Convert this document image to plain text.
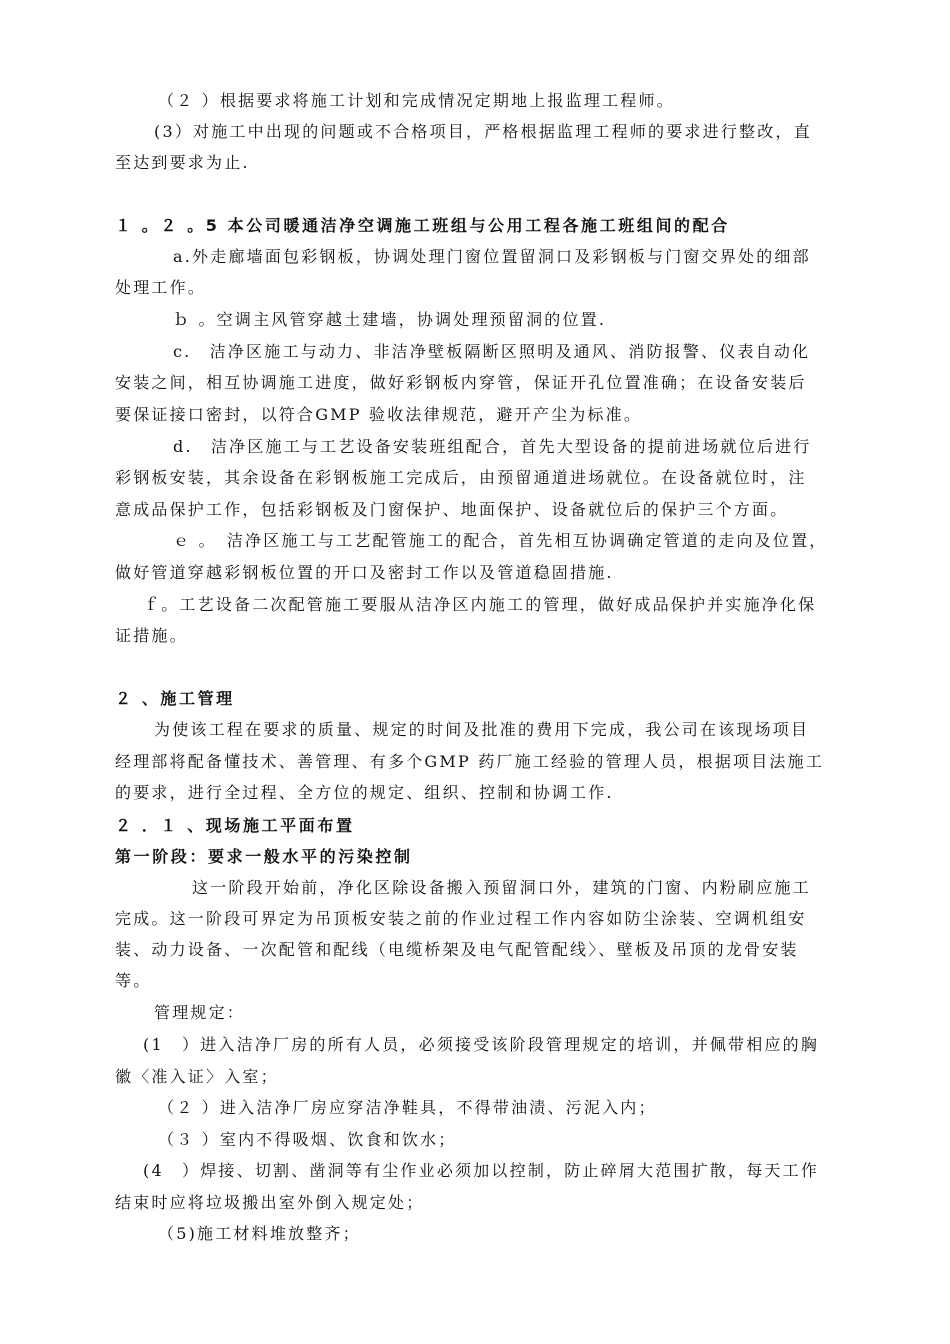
（２ ）根据要求将施工计划和完成情况定期地上报监理工程师。
(3）对施工中出现的问题或不合格项目，严格根据监理工程师的要求进行整改，直
至达到要求为止.
１ 。２ 。5 本公司暖通洁净空调施工班组与公用工程各施工班组间的配合
a.外走廊墙面包彩钢板，协调处理门窗位置留洞口及彩钢板与门窗交界处的细部
处理工作。
ｂ 。空调主风管穿越土建墙，协调处理预留洞的位置.
c.　洁净区施工与动力、非洁净壁板隔断区照明及通风、消防报警、仪表自动化
安装之间，相互协调施工进度，做好彩钢板内穿管，保证开孔位置准确；在设备安装后
要保证接口密封，以符合GMP 验收法律规范，避开产尘为标准。
d.　洁净区施工与工艺设备安装班组配合，首先大型设备的提前进场就位后进行
彩钢板安装，其余设备在彩钢板施工完成后，由预留通道进场就位。在设备就位时，注
意成品保护工作，包括彩钢板及门窗保护、地面保护、设备就位后的保护三个方面。
ｅ 。　洁净区施工与工艺配管施工的配合，首先相互协调确定管道的走向及位置，
做好管道穿越彩钢板位置的开口及密封工作以及管道稳固措施.
ｆ。工艺设备二次配管施工要服从洁净区内施工的管理，做好成品保护并实施净化保
证措施。
２ 、施工管理
为使该工程在要求的质量、规定的时间及批准的费用下完成，我公司在该现场项目
经理部将配备懂技术、善管理、有多个GMP 药厂施工经验的管理人员，根据项目法施工
的要求，进行全过程、全方位的规定、组织、控制和协调工作.
２ ．１ 、现场施工平面布置
第一阶段：要求一般水平的污染控制
这一阶段开始前，净化区除设备搬入预留洞口外，建筑的门窗、内粉刷应施工
完成。这一阶段可界定为吊顶板安装之前的作业过程工作内容如防尘涂装、空调机组安
装、动力设备、一次配管和配线（电缆桥架及电气配管配线〉、壁板及吊顶的龙骨安装
等。
管理规定：
(1　）进入洁净厂房的所有人员，必须接受该阶段管理规定的培训，并佩带相应的胸
徽〈准入证〉入室；
（２ ）进入洁净厂房应穿洁净鞋具，不得带油渍、污泥入内；
（３ ）室内不得吸烟、饮食和饮水；
(4　）焊接、切割、凿洞等有尘作业必须加以控制，防止碎屑大范围扩散，每天工作
结束时应将垃圾搬出室外倒入规定处；
（5)施工材料堆放整齐；
